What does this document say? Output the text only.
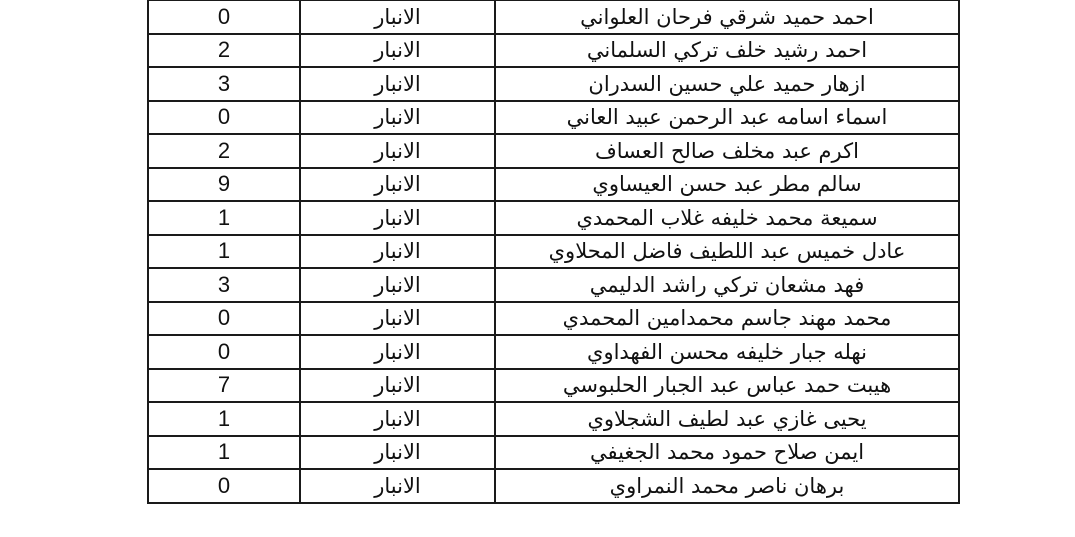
0	الانبار	احمد حميد شرقي فرحان العلواني
2	الانبار	احمد رشيد خلف تركي السلماني
3	الانبار	ازهار حميد علي حسين السدران
0	الانبار	اسماء اسامه عبد الرحمن عبيد العاني
2	الانبار	اكرم عبد مخلف صالح العساف
9	الانبار	سالم مطر عبد حسن العيساوي
1	الانبار	سميعة محمد خليفه غلاب المحمدي
1	الانبار	عادل خميس عبد اللطيف فاضل المحلاوي
3	الانبار	فهد مشعان تركي راشد الدليمي
0	الانبار	محمد مهند جاسم محمدامين المحمدي
0	الانبار	نهله جبار خليفه محسن الفهداوي
7	الانبار	هيبت حمد عباس عبد الجبار الحلبوسي
1	الانبار	يحيى غازي عبد لطيف الشجلاوي
1	الانبار	ايمن صلاح حمود محمد الجغيفي
0	الانبار	برهان ناصر محمد النمراوي
